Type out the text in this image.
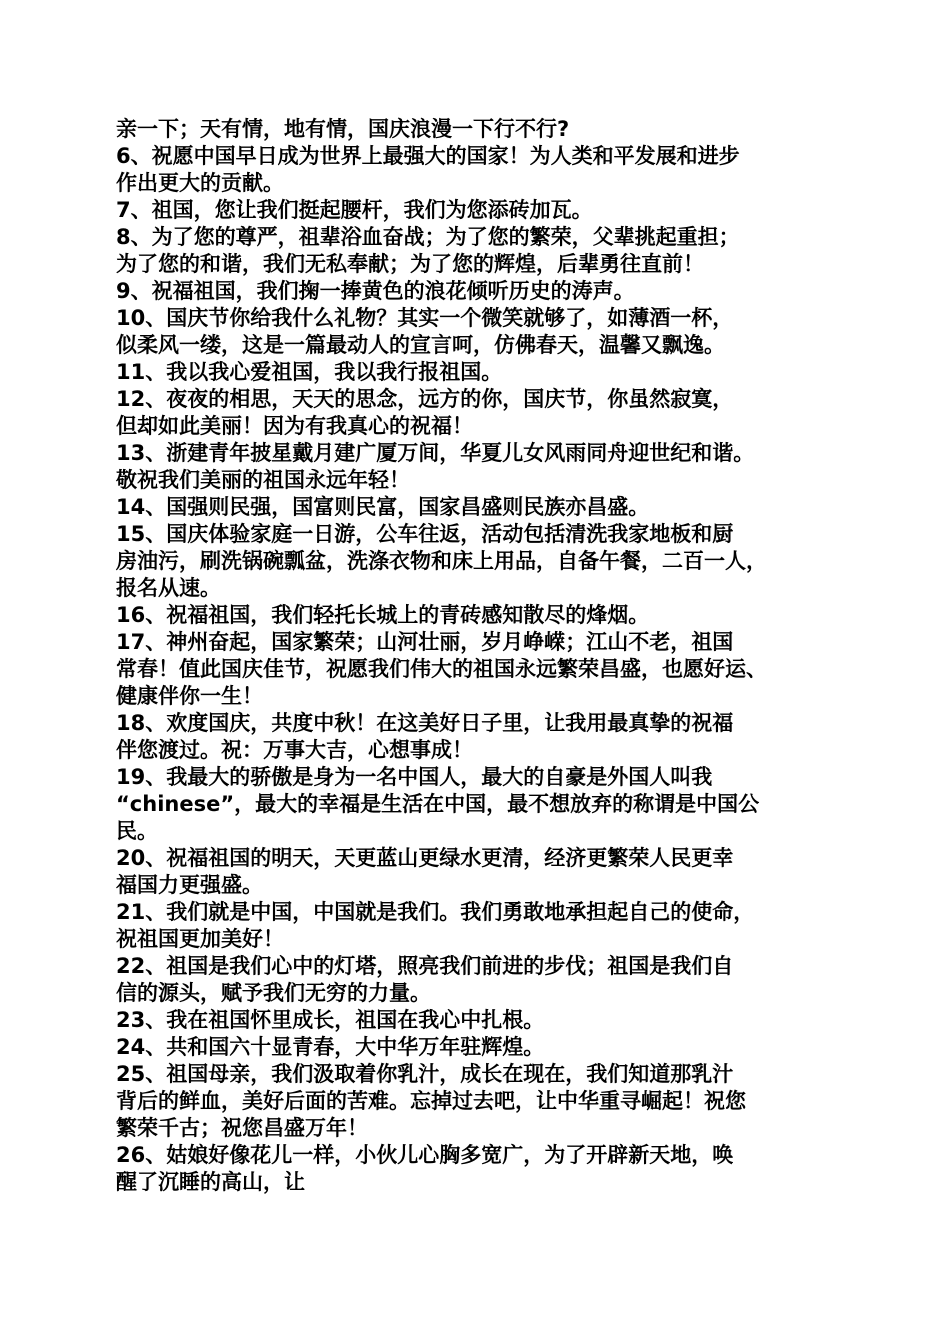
亲一下；天有情，地有情，国庆浪漫一下行不行?
6、祝愿中国早日成为世界上最强大的国家！为人类和平发展和进步
作出更大的贡献。
7、祖国，您让我们挺起腰杆，我们为您添砖加瓦。
8、为了您的尊严，祖辈浴血奋战；为了您的繁荣，父辈挑起重担；
为了您的和谐，我们无私奉献；为了您的辉煌，后辈勇往直前！
9、祝福祖国，我们掬一捧黄色的浪花倾听历史的涛声。
10、国庆节你给我什么礼物？其实一个微笑就够了，如薄酒一杯，
似柔风一缕，这是一篇最动人的宣言呵，仿佛春天，温馨又飘逸。
11、我以我心爱祖国，我以我行报祖国。
12、夜夜的相思，天天的思念，远方的你，国庆节，你虽然寂寞，
但却如此美丽！因为有我真心的祝福！
13、浙建青年披星戴月建广厦万间，华夏儿女风雨同舟迎世纪和谐。
敬祝我们美丽的祖国永远年轻！
14、国强则民强，国富则民富，国家昌盛则民族亦昌盛。
15、国庆体验家庭一日游，公车往返，活动包括清洗我家地板和厨
房油污，刷洗锅碗瓢盆，洗涤衣物和床上用品，自备午餐，二百一人，
报名从速。
16、祝福祖国，我们轻托长城上的青砖感知散尽的烽烟。
17、神州奋起，国家繁荣；山河壮丽，岁月峥嵘；江山不老，祖国
常春！值此国庆佳节，祝愿我们伟大的祖国永远繁荣昌盛，也愿好运、
健康伴你一生！
18、欢度国庆，共度中秋！在这美好日子里，让我用最真挚的祝福
伴您渡过。祝：万事大吉，心想事成！
19、我最大的骄傲是身为一名中国人，最大的自豪是外国人叫我
“chinese”，最大的幸福是生活在中国，最不想放弃的称谓是中国公
民。
20、祝福祖国的明天，天更蓝山更绿水更清，经济更繁荣人民更幸
福国力更强盛。
21、我们就是中国，中国就是我们。我们勇敢地承担起自己的使命，
祝祖国更加美好！
22、祖国是我们心中的灯塔，照亮我们前进的步伐；祖国是我们自
信的源头，赋予我们无穷的力量。
23、我在祖国怀里成长，祖国在我心中扎根。
24、共和国六十显青春，大中华万年驻辉煌。
25、祖国母亲，我们汲取着你乳汁，成长在现在，我们知道那乳汁
背后的鲜血，美好后面的苦难。忘掉过去吧，让中华重寻崛起！祝您
繁荣千古；祝您昌盛万年！
26、姑娘好像花儿一样，小伙儿心胸多宽广，为了开辟新天地，唤
醒了沉睡的高山，让
